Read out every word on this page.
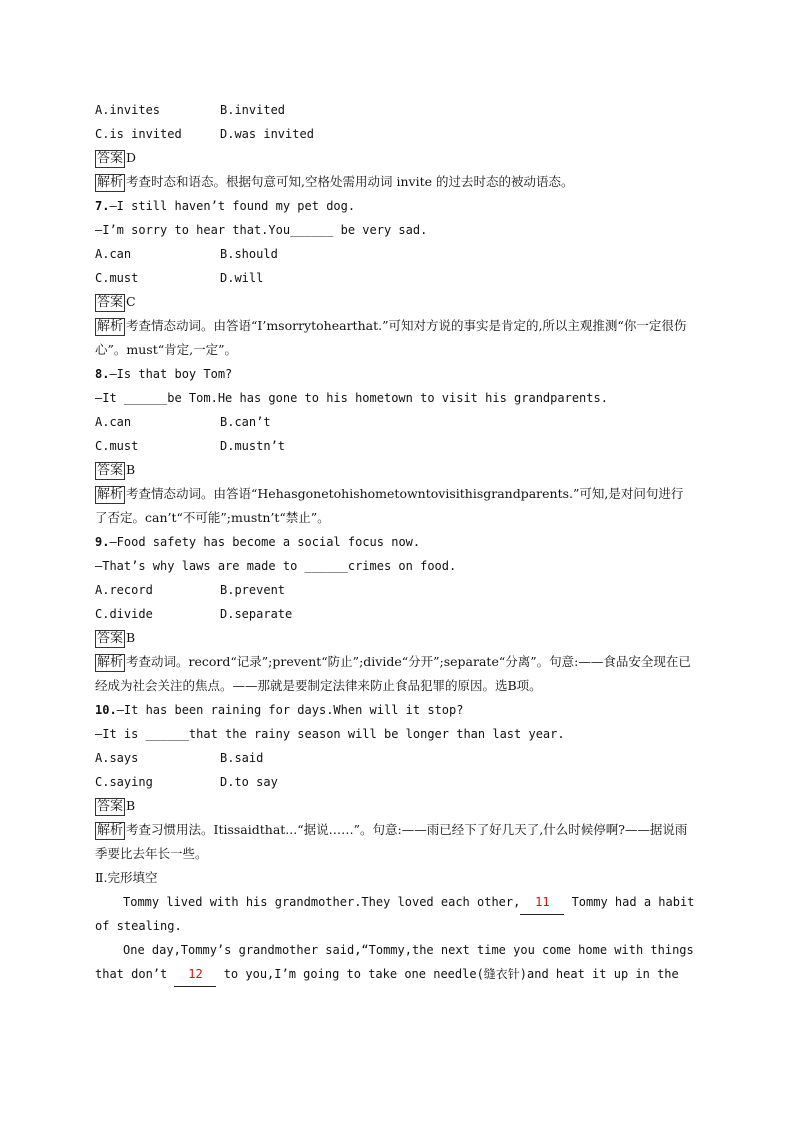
A.invites	B.invited
C.is invited	D.was invited
答案 D
解析 考查时态和语态。根据句意可知,空格处需用动词 invite 的过去时态的被动语态。
7.—I still haven’t found my pet dog.
—I’m sorry to hear that.You______ be very sad.
A.can	B.should
C.must	D.will
答案 C
解析 考查情态动词。由答语“I’msorrytohearthat.”可知对方说的事实是肯定的,所以主观推测“你一定很伤心”。must“肯定,一定”。
8.—Is that boy Tom?
—It ______be Tom.He has gone to his hometown to visit his grandparents.
A.can	B.can’t
C.must	D.mustn’t
答案 B
解析 考查情态动词。由答语“Hehasgonetohishometowntovisithisgrandparents.”可知,是对问句进行了否定。can’t“不可能”;mustn’t“禁止”。
9.—Food safety has become a social focus now.
—That’s why laws are made to ______crimes on food.
A.record	B.prevent
C.divide	D.separate
答案 B
解析 考查动词。record“记录”;prevent“防止”;divide“分开”;separate“分离”。句意:——食品安全现在已经成为社会关注的焦点。——那就是要制定法律来防止食品犯罪的原因。选B项。
10.—It has been raining for days.When will it stop?
—It is ______that the rainy season will be longer than last year.
A.says	B.said
C.saying	D.to say
答案 B
解析 考查习惯用法。Itissaidthat...“据说……”。句意:——雨已经下了好几天了,什么时候停啊?——据说雨季要比去年长一些。
Ⅱ.完形填空
Tommy lived with his grandmother.They loved each other, 11 Tommy had a habit
of stealing.
One day,Tommy’s grandmother said,“Tommy,the next time you come home with things
that don’t 12 to you,I’m going to take one needle(缝衣针)and heat it up in the
